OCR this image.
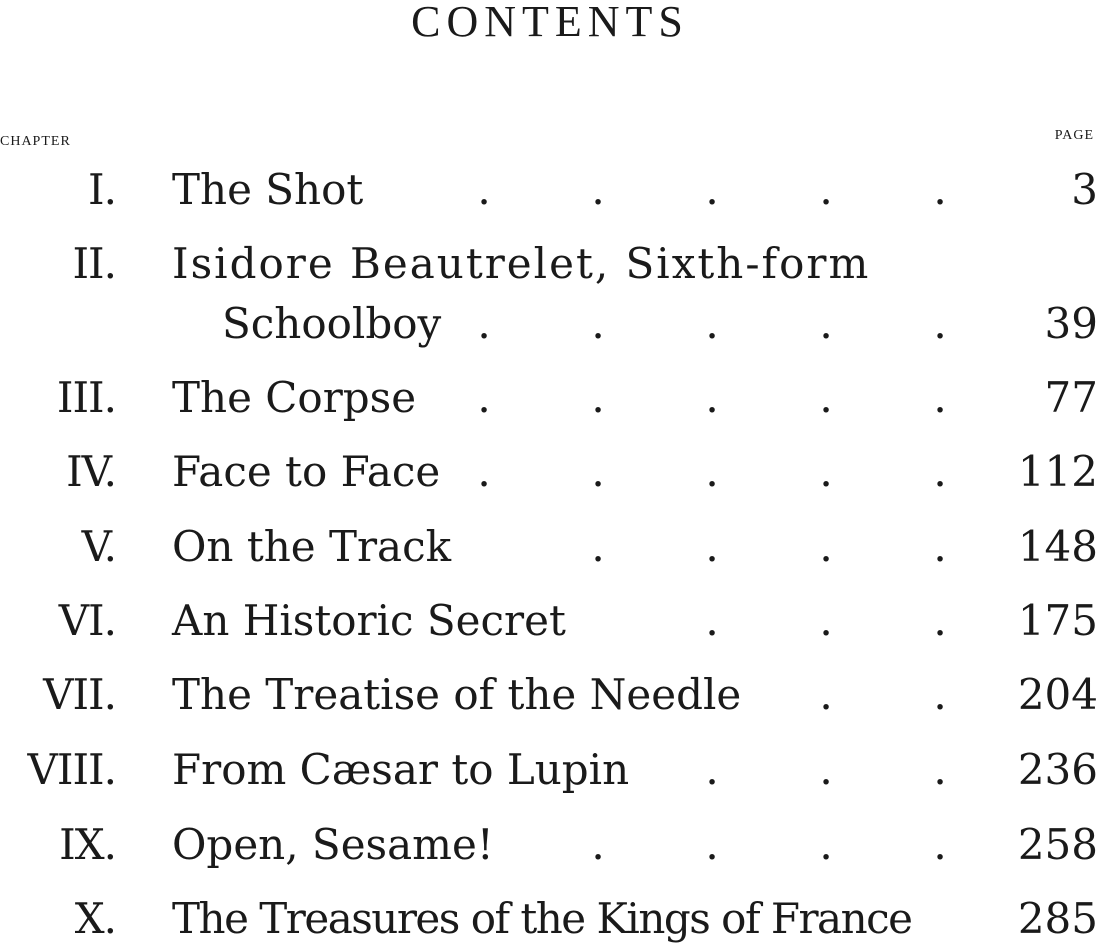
CONTENTS
CHAPTER	PAGE
I. The Shot	. . . . .	3
II. Isidore Beautrelet, Sixth-form
Schoolboy . . . . . 39
III. The Corpse . . . . . 77
IV. Face to Face . . . . . 112
V. On the Track	. . . . 148
VI. An Historic Secret	. . . 175
VII. The Treatise of the Needle . . 204
VIII. From Cæsar to Lupin . . . 236
IX. Open, Sesame! . . . . 258
X. The Treasures of the Kings of France	285
